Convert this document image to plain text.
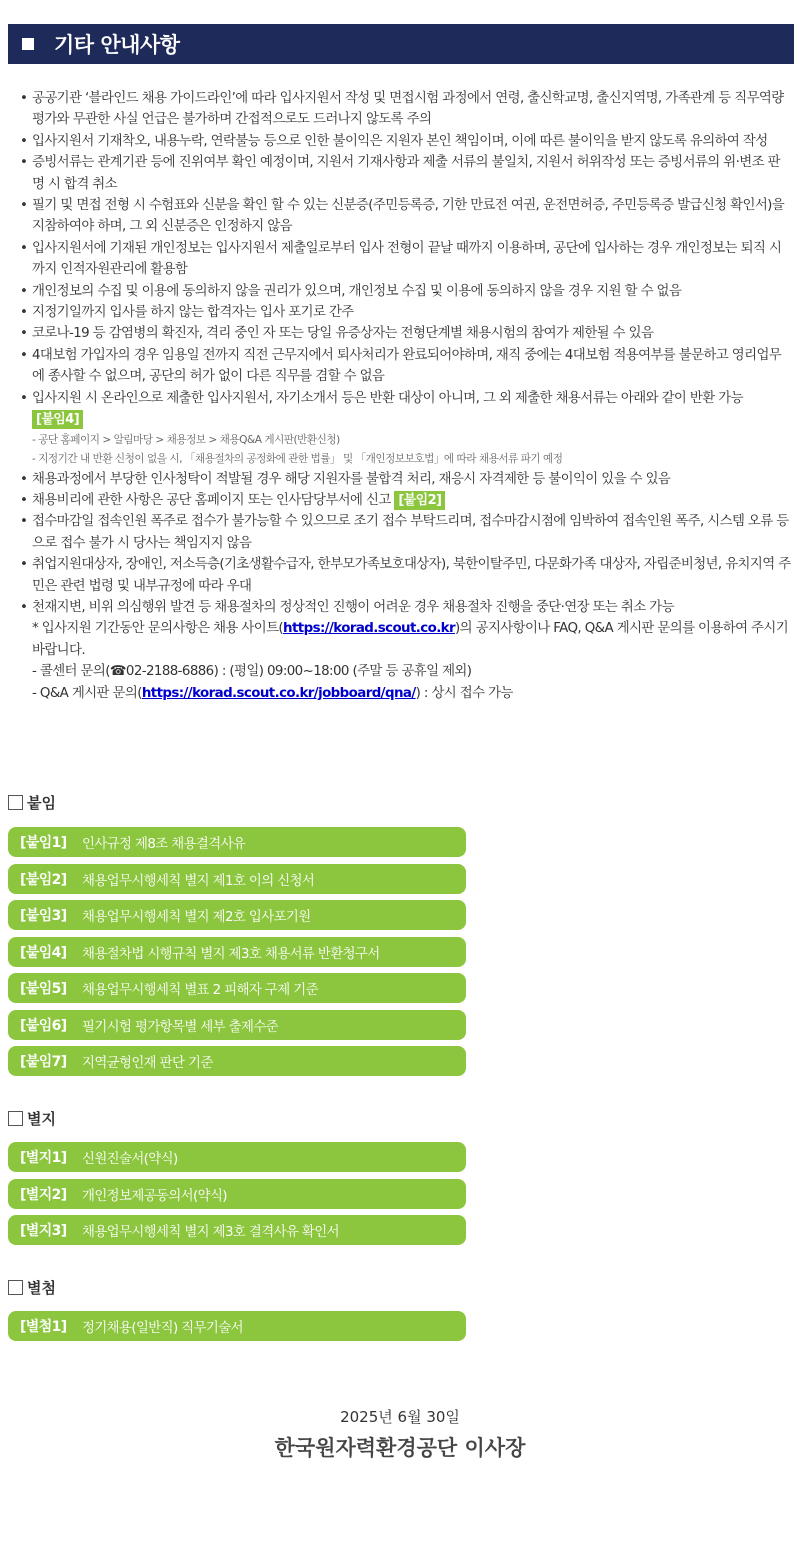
기타 안내사항
• 공공기관 ‘블라인드 채용 가이드라인’에 따라 입사지원서 작성 및 면접시험 과정에서 연령, 출신학교명, 출신지역명, 가족관계 등 직무역량 평가와 무관한 사실 언급은 불가하며 간접적으로도 드러나지 않도록 주의
• 입사지원서 기재착오, 내용누락, 연락불능 등으로 인한 불이익은 지원자 본인 책임이며, 이에 따른 불이익을 받지 않도록 유의하여 작성
• 증빙서류는 관계기관 등에 진위여부 확인 예정이며, 지원서 기재사항과 제출 서류의 불일치, 지원서 허위작성 또는 증빙서류의 위·변조 판명 시 합격 취소
• 필기 및 면접 전형 시 수험표와 신분을 확인 할 수 있는 신분증(주민등록증, 기한 만료전 여권, 운전면허증, 주민등록증 발급신청 확인서)을 지참하여야 하며, 그 외 신분증은 인정하지 않음
• 입사지원서에 기재된 개인정보는 입사지원서 제출일로부터 입사 전형이 끝날 때까지 이용하며, 공단에 입사하는 경우 개인정보는 퇴직 시까지 인적자원관리에 활용함
• 개인정보의 수집 및 이용에 동의하지 않을 권리가 있으며, 개인정보 수집 및 이용에 동의하지 않을 경우 지원 할 수 없음
• 지정기일까지 입사를 하지 않는 합격자는 입사 포기로 간주
• 코로나-19 등 감염병의 확진자, 격리 중인 자 또는 당일 유증상자는 전형단계별 채용시험의 참여가 제한될 수 있음
• 4대보험 가입자의 경우 임용일 전까지 직전 근무지에서 퇴사처리가 완료되어야하며, 재직 중에는 4대보험 적용여부를 불문하고 영리업무에 종사할 수 없으며, 공단의 허가 없이 다른 직무를 겸할 수 없음
• 입사지원 시 온라인으로 제출한 입사지원서, 자기소개서 등은 반환 대상이 아니며, 그 외 제출한 채용서류는 아래와 같이 반환 가능 [붙임4]
- 공단 홈페이지 > 알림마당 > 채용정보 > 채용Q&A 게시판(반환신청)
- 지정기간 내 반환 신청이 없을 시, 「채용절차의 공정화에 관한 법률」 및 「개인정보보호법」에 따라 채용서류 파기 예정
• 채용과정에서 부당한 인사청탁이 적발될 경우 해당 지원자를 불합격 처리, 재응시 자격제한 등 불이익이 있을 수 있음
• 채용비리에 관한 사항은 공단 홈페이지 또는 인사담당부서에 신고 [붙임2]
• 접수마감일 접속인원 폭주로 접수가 불가능할 수 있으므로 조기 접수 부탁드리며, 접수마감시점에 임박하여 접속인원 폭주, 시스템 오류 등으로 접수 불가 시 당사는 책임지지 않음
• 취업지원대상자, 장애인, 저소득층(기초생활수급자, 한부모가족보호대상자), 북한이탈주민, 다문화가족 대상자, 자립준비청년, 유치지역 주민은 관련 법령 및 내부규정에 따라 우대
• 천재지변, 비위 의심행위 발견 등 채용절차의 정상적인 진행이 어려운 경우 채용절차 진행을 중단·연장 또는 취소 가능
* 입사지원 기간동안 문의사항은 채용 사이트(https://korad.scout.co.kr)의 공지사항이나 FAQ, Q&A 게시판 문의를 이용하여 주시기 바랍니다.
- 콜센터 문의(☎02-2188-6886) : (평일) 09:00~18:00 (주말 등 공휴일 제외)
- Q&A 게시판 문의(https://korad.scout.co.kr/jobboard/qna/) : 상시 접수 가능
붙임
[붙임1]	인사규정 제8조 채용결격사유
[붙임2]	채용업무시행세칙 별지 제1호 이의 신청서
[붙임3]	채용업무시행세칙 별지 제2호 입사포기원
[붙임4]	채용절차법 시행규칙 별지 제3호 채용서류 반환청구서
[붙임5]	채용업무시행세칙 별표 2 피해자 구제 기준
[붙임6]	필기시험 평가항목별 세부 출제수준
[붙임7]	지역균형인재 판단 기준
별지
[별지1]	신원진술서(약식)
[별지2]	개인정보제공동의서(약식)
[별지3]	채용업무시행세칙 별지 제3호 결격사유 확인서
별첨
[별첨1]	정기채용(일반직) 직무기술서
2025년 6월 30일
한국원자력환경공단 이사장
